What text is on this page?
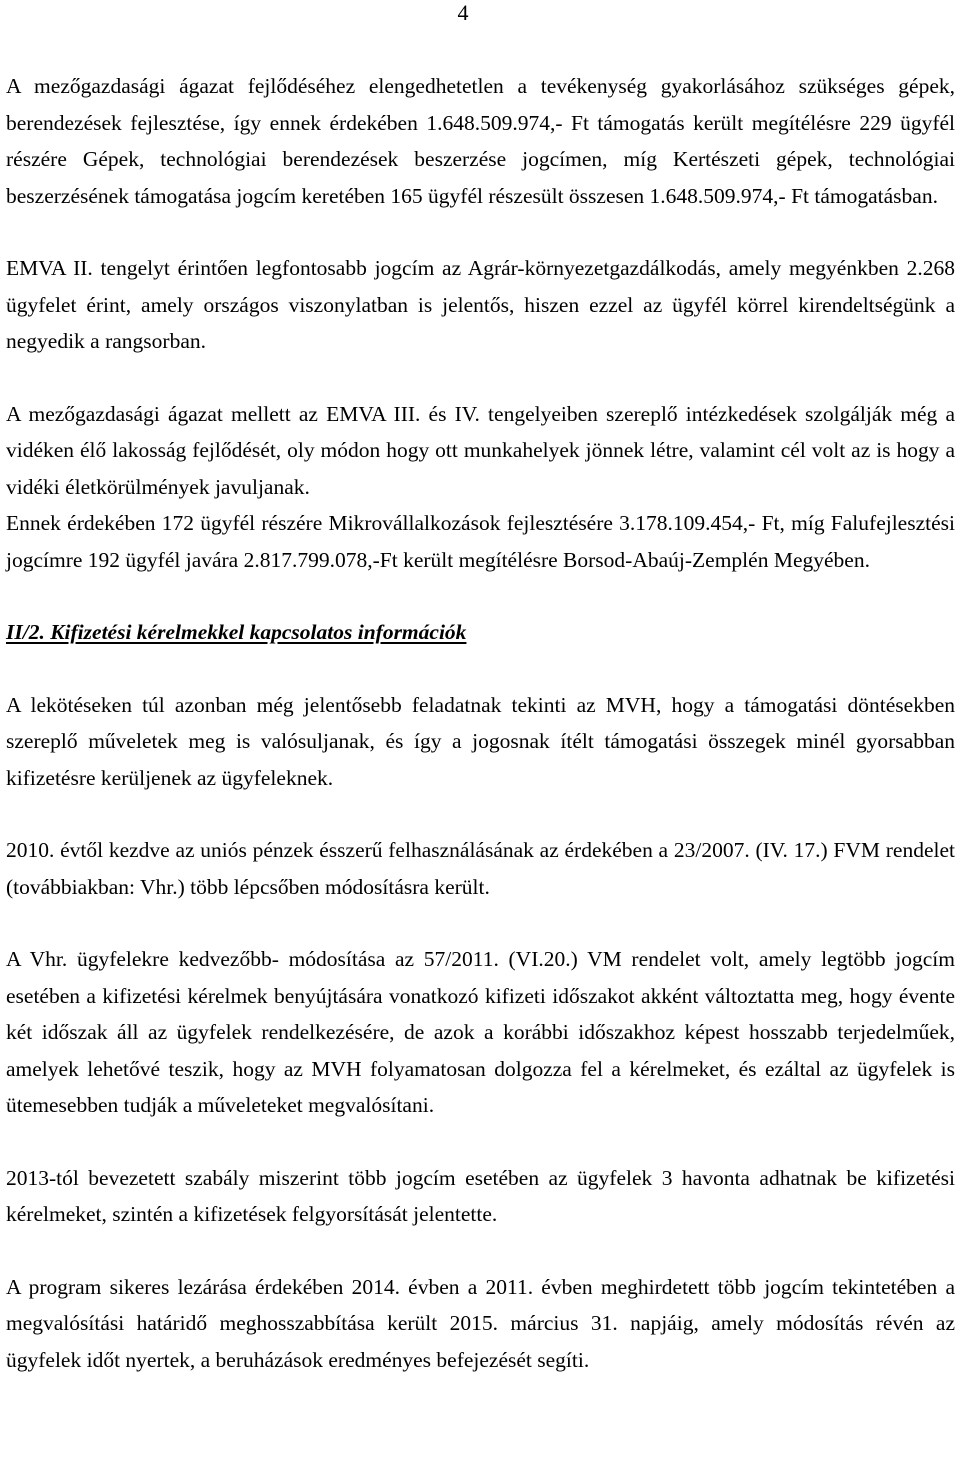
4

A mezőgazdasági ágazat fejlődéséhez elengedhetetlen a tevékenység gyakorlásához szükséges gépek, berendezések fejlesztése, így ennek érdekében 1.648.509.974,- Ft támogatás került megítélésre 229 ügyfél részére Gépek, technológiai berendezések beszerzése jogcímen, míg Kertészeti gépek, technológiai beszerzésének támogatása jogcím keretében 165 ügyfél részesült összesen 1.648.509.974,- Ft támogatásban.

EMVA II. tengelyt érintően legfontosabb jogcím az Agrár-környezetgazdálkodás, amely megyénkben 2.268 ügyfelet érint, amely országos viszonylatban is jelentős, hiszen ezzel az ügyfél körrel kirendeltségünk a negyedik a rangsorban.

A mezőgazdasági ágazat mellett az EMVA III. és IV. tengelyeiben szereplő intézkedések szolgálják még a vidéken élő lakosság fejlődését, oly módon hogy ott munkahelyek jönnek létre, valamint cél volt az is hogy a vidéki életkörülmények javuljanak.

Ennek érdekében 172 ügyfél részére Mikrovállalkozások fejlesztésére 3.178.109.454,- Ft, míg Falufejlesztési jogcímre 192 ügyfél javára 2.817.799.078,-Ft került megítélésre Borsod-Abaúj-Zemplén Megyében.

II/2. Kifizetési kérelmekkel kapcsolatos információk

A lekötéseken túl azonban még jelentősebb feladatnak tekinti az MVH, hogy a támogatási döntésekben szereplő műveletek meg is valósuljanak, és így a jogosnak ítélt támogatási összegek minél gyorsabban kifizetésre kerüljenek az ügyfeleknek.

2010. évtől kezdve az uniós pénzek ésszerű felhasználásának az érdekében a 23/2007. (IV. 17.) FVM rendelet (továbbiakban: Vhr.) több lépcsőben módosításra került.

A Vhr. ügyfelekre kedvezőbb- módosítása az 57/2011. (VI.20.) VM rendelet volt, amely legtöbb jogcím esetében a kifizetési kérelmek benyújtására vonatkozó kifizeti időszakot akként változtatta meg, hogy évente két időszak áll az ügyfelek rendelkezésére, de azok a korábbi időszakhoz képest hosszabb terjedelműek, amelyek lehetővé teszik, hogy az MVH folyamatosan dolgozza fel a kérelmeket, és ezáltal az ügyfelek is ütemesebben tudják a műveleteket megvalósítani.

2013-tól bevezetett szabály miszerint több jogcím esetében az ügyfelek 3 havonta adhatnak be kifizetési kérelmeket, szintén a kifizetések felgyorsítását jelentette.

A program sikeres lezárása érdekében 2014. évben a 2011. évben meghirdetett több jogcím tekintetében a megvalósítási határidő meghosszabbítása került 2015. március 31. napjáig, amely módosítás révén az ügyfelek időt nyertek, a beruházások eredményes befejezését segíti.
